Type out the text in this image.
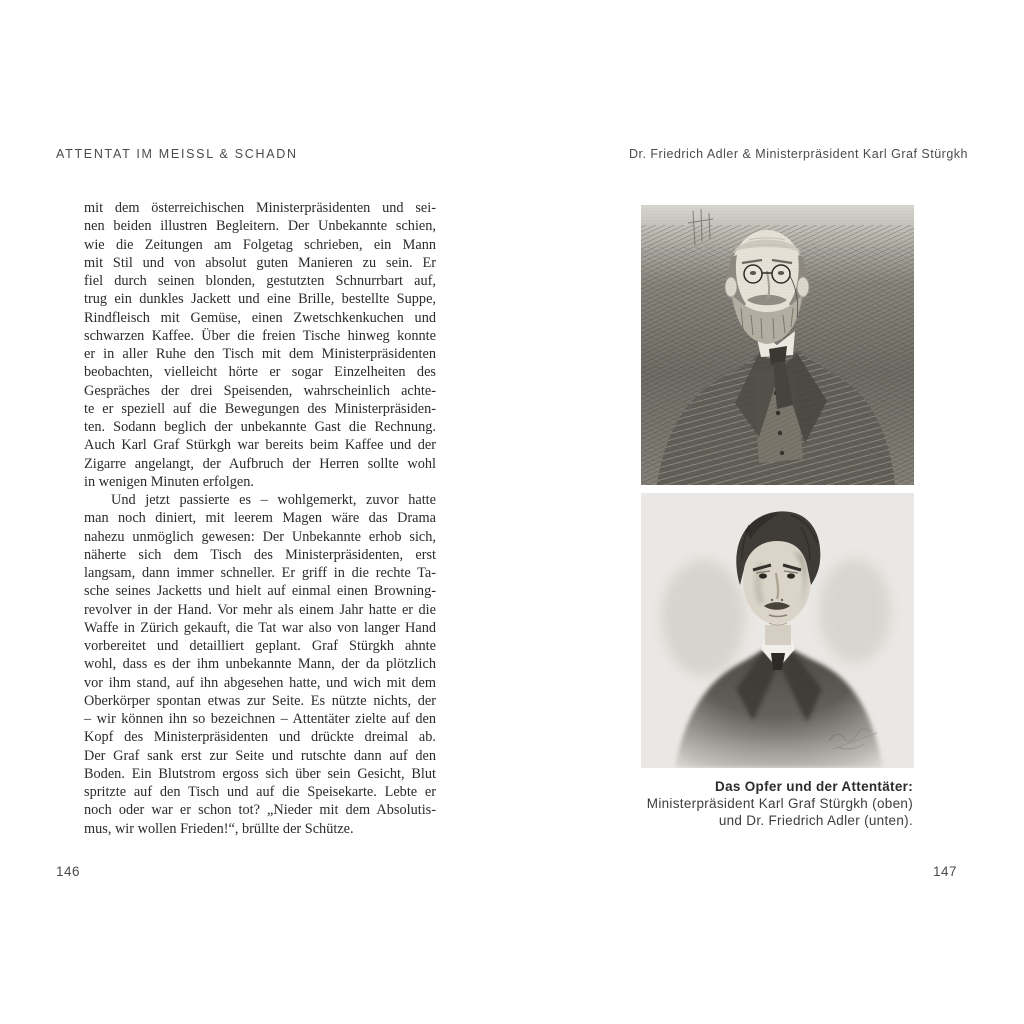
ATTENTAT IM MEISSL & SCHADN	Dr. Friedrich Adler & Ministerpräsident Karl Graf Stürgkh
mit dem österreichischen Ministerpräsidenten und sei-
nen beiden illustren Begleitern. Der Unbekannte schien,
wie die Zeitungen am Folgetag schrieben, ein Mann
mit Stil und von absolut guten Manieren zu sein. Er
fiel durch seinen blonden, gestutzten Schnurrbart auf,
trug ein dunkles Jackett und eine Brille, bestellte Suppe,
Rindfleisch mit Gemüse, einen Zwetschkenkuchen und
schwarzen Kaffee. Über die freien Tische hinweg konnte
er in aller Ruhe den Tisch mit dem Ministerpräsidenten
beobachten, vielleicht hörte er sogar Einzelheiten des
Gespräches der drei Speisenden, wahrscheinlich achte-
te er speziell auf die Bewegungen des Ministerpräsiden-
ten. Sodann beglich der unbekannte Gast die Rechnung.
Auch Karl Graf Stürkgh war bereits beim Kaffee und der
Zigarre angelangt, der Aufbruch der Herren sollte wohl
in wenigen Minuten erfolgen.
Und jetzt passierte es – wohlgemerkt, zuvor hatte
man noch diniert, mit leerem Magen wäre das Drama
nahezu unmöglich gewesen: Der Unbekannte erhob sich,
näherte sich dem Tisch des Ministerpräsidenten, erst
langsam, dann immer schneller. Er griff in die rechte Ta-
sche seines Jacketts und hielt auf einmal einen Browning-
revolver in der Hand. Vor mehr als einem Jahr hatte er die
Waffe in Zürich gekauft, die Tat war also von langer Hand
vorbereitet und detailliert geplant. Graf Stürgkh ahnte
wohl, dass es der ihm unbekannte Mann, der da plötzlich
vor ihm stand, auf ihn abgesehen hatte, und wich mit dem
Oberkörper spontan etwas zur Seite. Es nützte nichts, der
– wir können ihn so bezeichnen – Attentäter zielte auf den
Kopf des Ministerpräsidenten und drückte dreimal ab.
Der Graf sank erst zur Seite und rutschte dann auf den
Boden. Ein Blutstrom ergoss sich über sein Gesicht, Blut
spritzte auf den Tisch und auf die Speisekarte. Lebte er
noch oder war er schon tot? „Nieder mit dem Absolutis-
mus, wir wollen Frieden!“, brüllte der Schütze.
146	147
Das Opfer und der Attentäter:
Ministerpräsident Karl Graf Stürgkh (oben)
und Dr. Friedrich Adler (unten).
